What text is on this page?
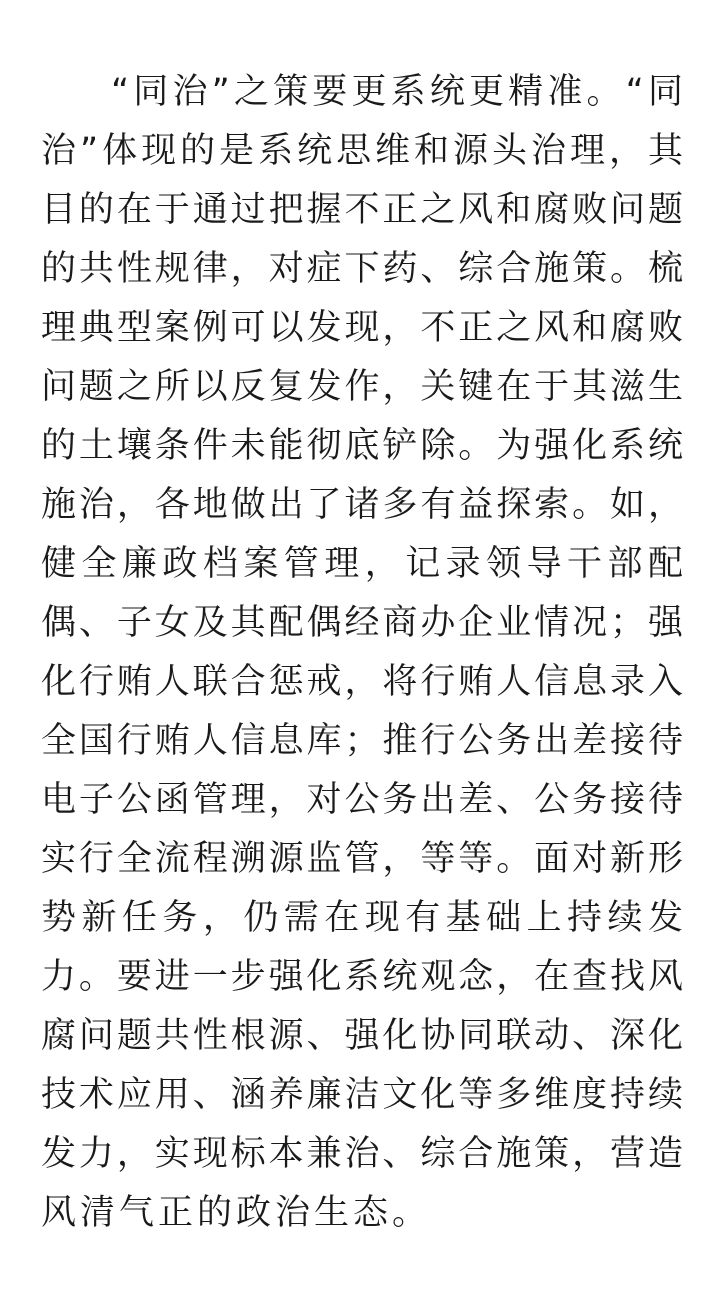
“同治”之策要更系统更精准。“同
治”体现的是系统思维和源头治理，其
目的在于通过把握不正之风和腐败问题
的共性规律，对症下药、综合施策。梳
理典型案例可以发现，不正之风和腐败
问题之所以反复发作，关键在于其滋生
的土壤条件未能彻底铲除。为强化系统
施治，各地做出了诸多有益探索。如，
健全廉政档案管理，记录领导干部配
偶、子女及其配偶经商办企业情况；强
化行贿人联合惩戒，将行贿人信息录入
全国行贿人信息库；推行公务出差接待
电子公函管理，对公务出差、公务接待
实行全流程溯源监管，等等。面对新形
势新任务，仍需在现有基础上持续发
力。要进一步强化系统观念，在查找风
腐问题共性根源、强化协同联动、深化
技术应用、涵养廉洁文化等多维度持续
发力，实现标本兼治、综合施策，营造
风清气正的政治生态。
